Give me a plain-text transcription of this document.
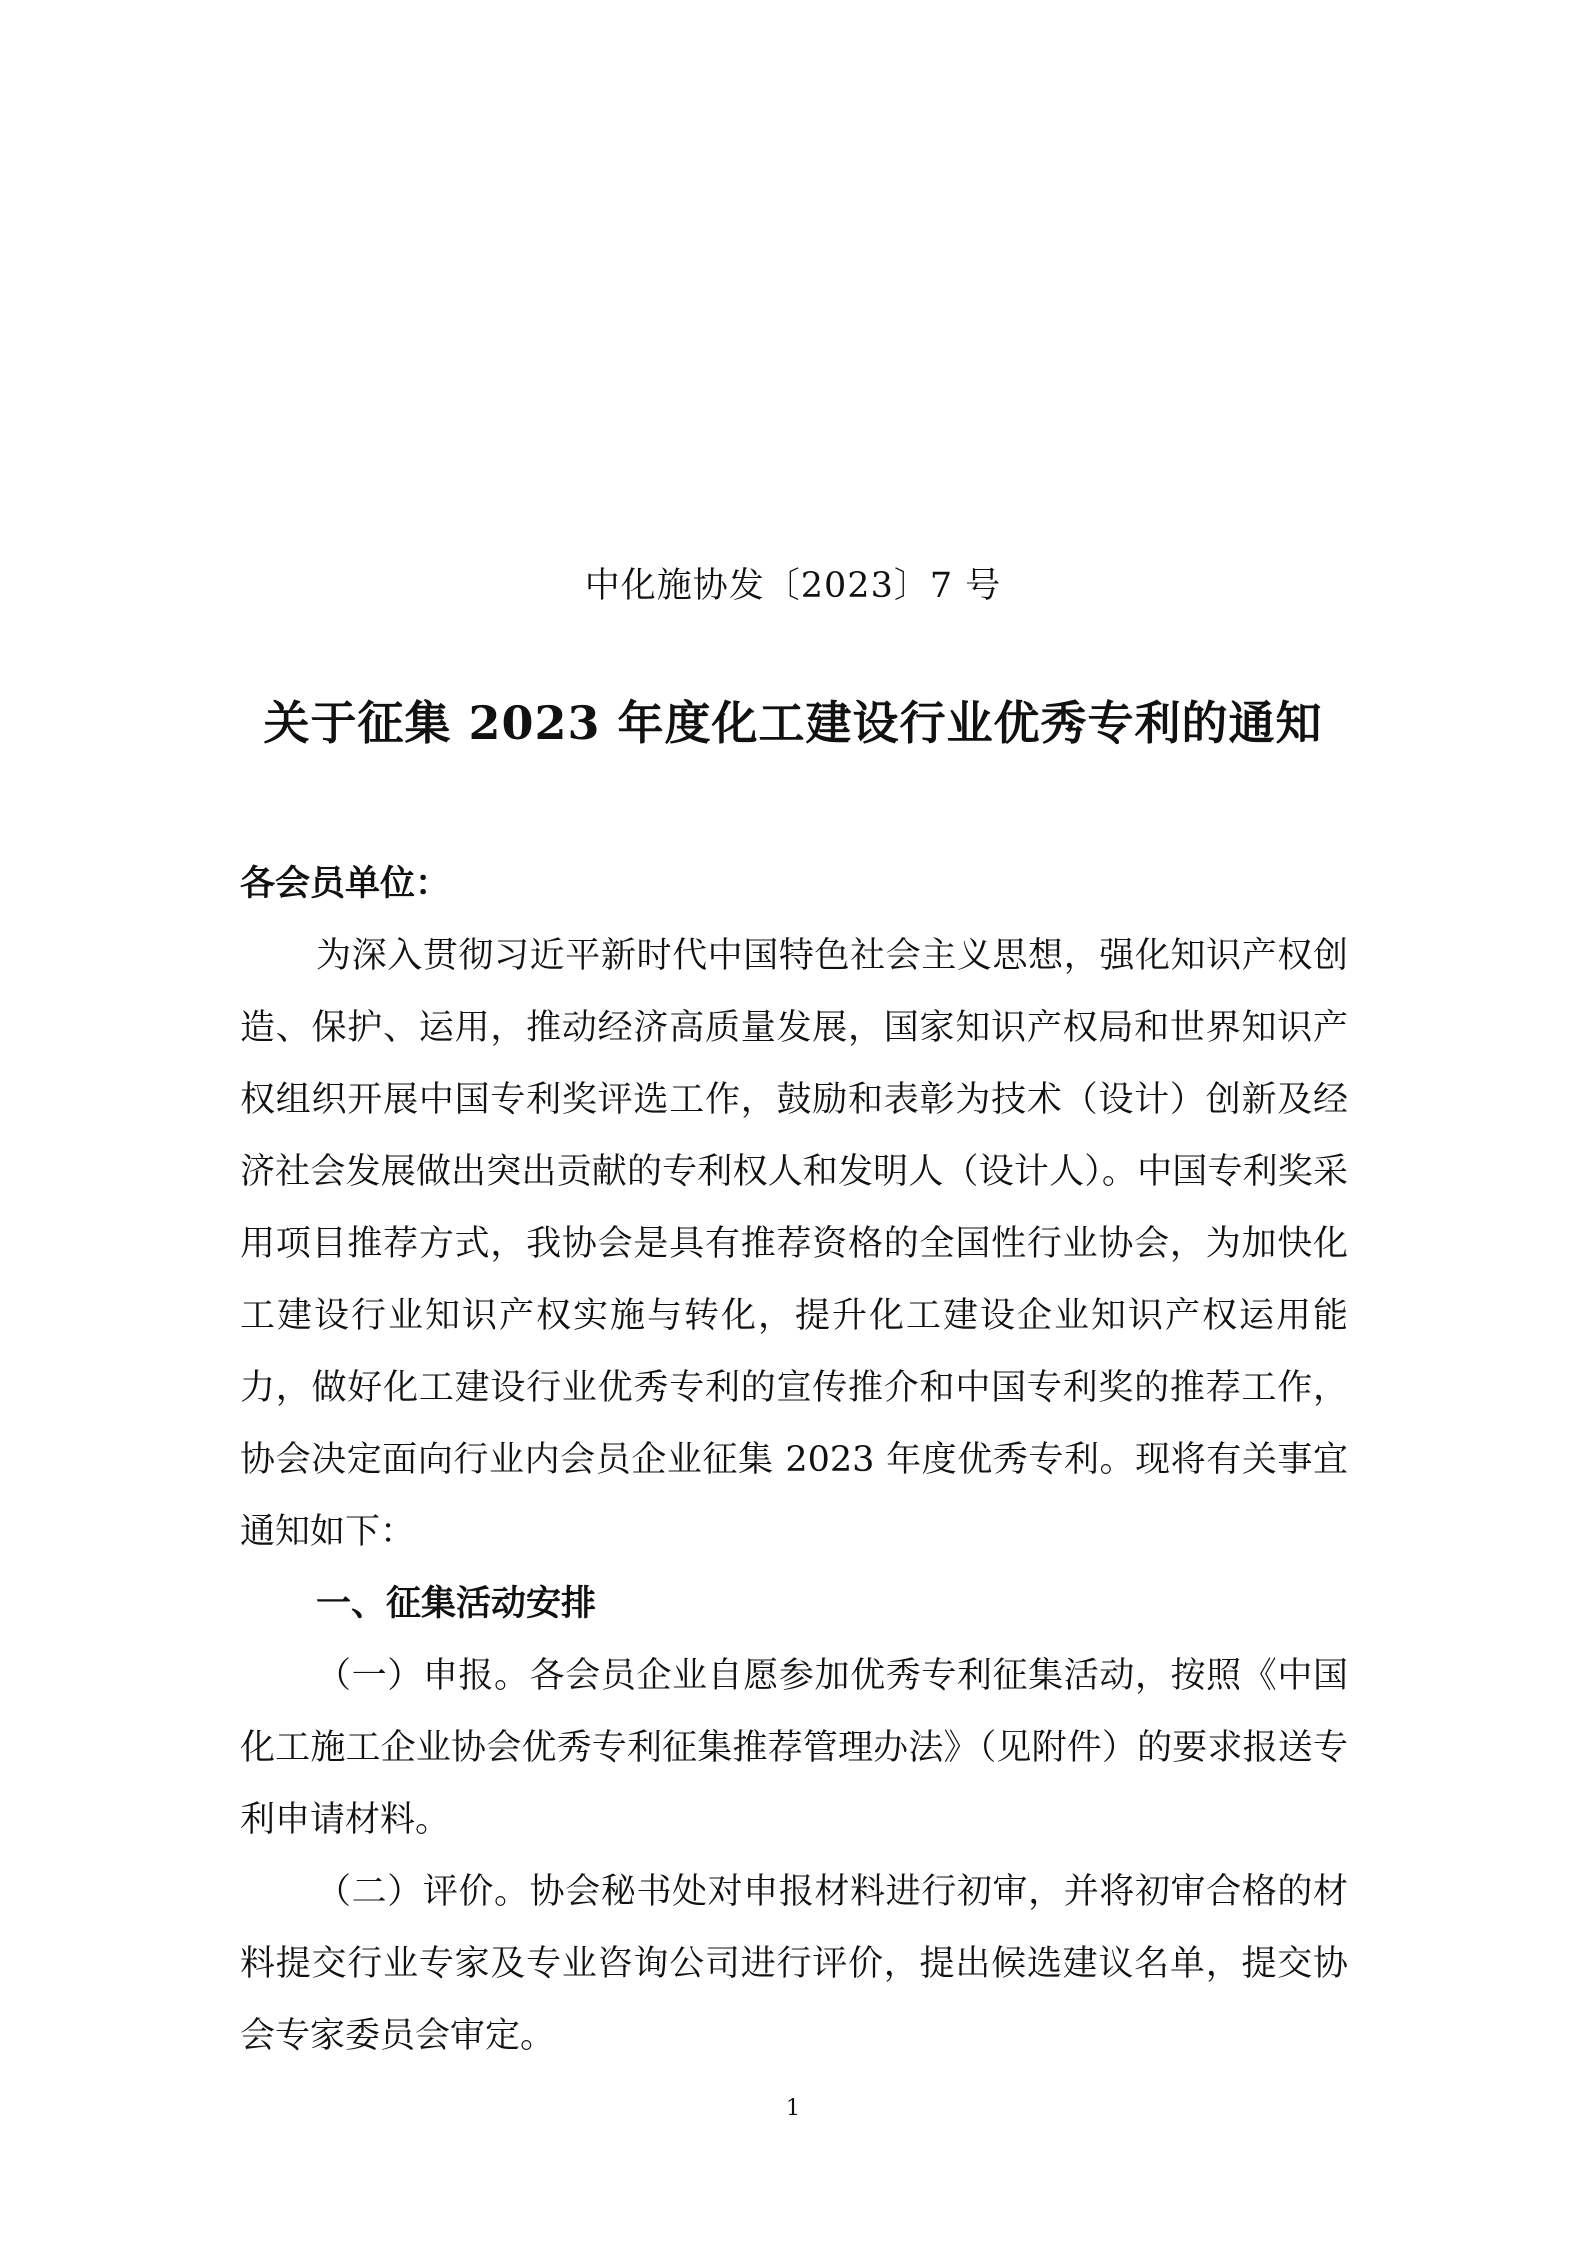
中化施协发〔2023〕7 号
关于征集 2023 年度化工建设行业优秀专利的通知

各会员单位：

为深入贯彻习近平新时代中国特色社会主义思想，强化知识产权创造、保护、运用，推动经济高质量发展，国家知识产权局和世界知识产权组织开展中国专利奖评选工作，鼓励和表彰为技术（设计）创新及经济社会发展做出突出贡献的专利权人和发明人（设计人）。中国专利奖采用项目推荐方式，我协会是具有推荐资格的全国性行业协会，为加快化工建设行业知识产权实施与转化，提升化工建设企业知识产权运用能力，做好化工建设行业优秀专利的宣传推介和中国专利奖的推荐工作，协会决定面向行业内会员企业征集 2023 年度优秀专利。现将有关事宜通知如下：

一、征集活动安排

（一）申报。各会员企业自愿参加优秀专利征集活动，按照《中国化工施工企业协会优秀专利征集推荐管理办法》（见附件）的要求报送专利申请材料。

（二）评价。协会秘书处对申报材料进行初审，并将初审合格的材料提交行业专家及专业咨询公司进行评价，提出候选建议名单，提交协会专家委员会审定。

1
